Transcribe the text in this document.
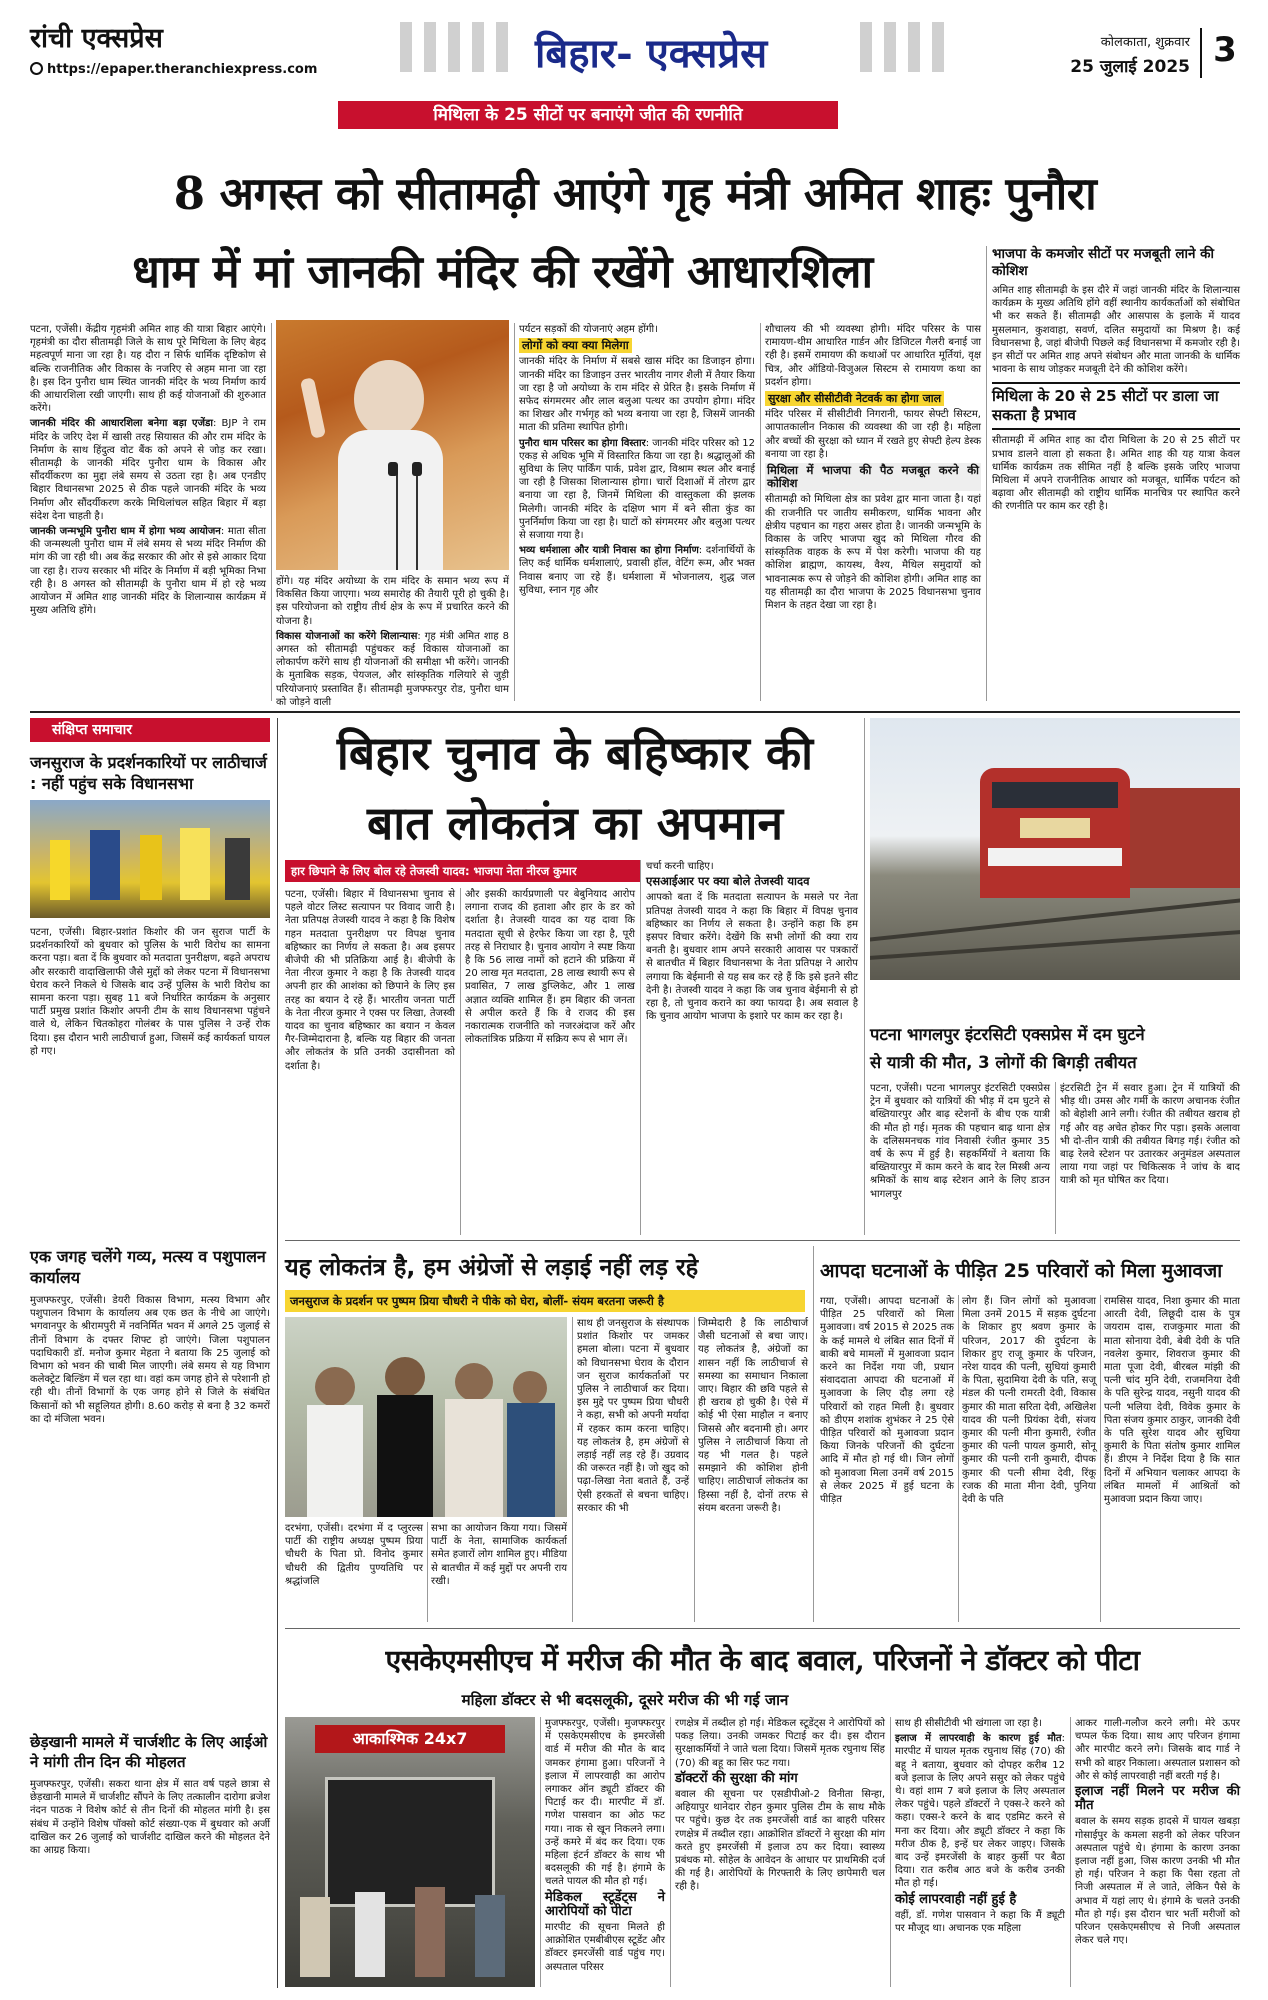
रांची एक्सप्रेस
https://epaper.theranchiexpress.com	बिहार- एक्सप्रेस	कोलकाता, शुक्रवार
25 जुलाई 2025 3
मिथिला के 25 सीटों पर बनाएंगे जीत की रणनीति
8 अगस्त को सीतामढ़ी आएंगे गृह मंत्री अमित शाहः पुनौरा
धाम में मां जानकी मंदिर की रखेंगे आधारशिला

पटना, एजेंसी। केंद्रीय गृहमंत्री अमित शाह की यात्रा बिहार आएंगे। गृहमंत्री का दौरा सीतामढ़ी जिले के साथ पूरे मिथिला के लिए बेहद महत्वपूर्ण माना जा रहा है। यह दौरा न सिर्फ धार्मिक दृष्टिकोण से बल्कि राजनीतिक और विकास के नजरिए से अहम माना जा रहा है। इस दिन पुनौरा धाम स्थित जानकी मंदिर के भव्य निर्माण कार्य की आधारशिला रखी जाएगी। साथ ही कई योजनाओं की शुरुआत करेंगे।

जानकी मंदिर की आधारशिला बनेगा बड़ा एजेंडा: BJP ने राम मंदिर के जरिए देश में खासी तरह सियासत की और राम मंदिर के निर्माण के साथ हिंदुत्व वोट बैंक को अपने से जोड़ कर रखा। सीतामढ़ी के जानकी मंदिर पुनौरा धाम के विकास और सौंदर्यीकरण का मुद्दा लंबे समय से उठता रहा है। अब एनडीए बिहार विधानसभा 2025 से ठीक पहले जानकी मंदिर के भव्य निर्माण और सौंदर्यीकरण करके मिथिलांचल सहित बिहार में बड़ा संदेश देना चाहती है।

जानकी जन्मभूमि पुनौरा धाम में होगा भव्य आयोजन: माता सीता की जन्मस्थली पुनौरा धाम में लंबे समय से भव्य मंदिर निर्माण की मांग की जा रही थी। अब केंद्र सरकार की ओर से इसे आकार दिया जा रहा है। राज्य सरकार भी मंदिर के निर्माण में बड़ी भूमिका निभा रही है। 8 अगस्त को सीतामढ़ी के पुनौरा धाम में हो रहे भव्य आयोजन में अमित शाह जानकी मंदिर के शिलान्यास कार्यक्रम में मुख्य अतिथि होंगे।

होंगे। यह मंदिर अयोध्या के राम मंदिर के समान भव्य रूप में विकसित किया जाएगा। भव्य समारोह की तैयारी पूरी हो चुकी है। इस परियोजना को राष्ट्रीय तीर्थ क्षेत्र के रूप में प्रचारित करने की योजना है।

विकास योजनाओं का करेंगे शिलान्यास: गृह मंत्री अमित शाह 8 अगस्त को सीतामढ़ी पहुंचकर कई विकास योजनाओं का लोकार्पण करेंगे साथ ही योजनाओं की समीक्षा भी करेंगे। जानकी के मुताबिक सड़क, पेयजल, और सांस्कृतिक गलियारे से जुड़ी परियोजनाएं प्रस्तावित हैं। सीतामढ़ी मुजफ्फरपुर रोड, पुनौरा धाम को जोड़ने वाली

पर्यटन सड़कों की योजनाएं अहम होंगी।

लोगों को क्या क्या मिलेगा

जानकी मंदिर के निर्माण में सबसे खास मंदिर का डिजाइन होगा। जानकी मंदिर का डिजाइन उत्तर भारतीय नागर शैली में तैयार किया जा रहा है जो अयोध्या के राम मंदिर से प्रेरित है। इसके निर्माण में सफेद संगमरमर और लाल बलुआ पत्थर का उपयोग होगा। मंदिर का शिखर और गर्भगृह को भव्य बनाया जा रहा है, जिसमें जानकी माता की प्रतिमा स्थापित होगी।

पुनौरा धाम परिसर का होगा विस्तार: जानकी मंदिर परिसर को 12 एकड़ से अधिक भूमि में विस्तारित किया जा रहा है। श्रद्धालुओं की सुविधा के लिए पार्किंग पार्क, प्रवेश द्वार, विश्राम स्थल और बनाई जा रही है जिसका शिलान्यास होगा। चारों दिशाओं में तोरण द्वार बनाया जा रहा है, जिनमें मिथिला की वास्तुकला की झलक मिलेगी। जानकी मंदिर के दक्षिण भाग में बने सीता कुंड का पुनर्निर्माण किया जा रहा है। घाटों को संगमरमर और बलुआ पत्थर से सजाया गया है।

भव्य धर्मशाला और यात्री निवास का होगा निर्माण: दर्शनार्थियों के लिए कई धार्मिक धर्मशालाएं, प्रवासी हॉल, वेटिंग रूम, और भक्त निवास बनाए जा रहे हैं। धर्मशाला में भोजनालय, शुद्ध जल सुविधा, स्नान गृह और

शौचालय की भी व्यवस्था होगी। मंदिर परिसर के पास रामायण-थीम आधारित गार्डन और डिजिटल गैलरी बनाई जा रही है। इसमें रामायण की कथाओं पर आधारित मूर्तियां, वृक्ष चित्र, और ऑडियो-विजुअल सिस्टम से रामायण कथा का प्रदर्शन होगा।

सुरक्षा और सीसीटीवी नेटवर्क का होगा जाल

मंदिर परिसर में सीसीटीवी निगरानी, फायर सेफ्टी सिस्टम, आपातकालीन निकास की व्यवस्था की जा रही है। महिला और बच्चों की सुरक्षा को ध्यान में रखते हुए सेफ्टी हेल्प डेस्क बनाया जा रहा है।

मिथिला में भाजपा की पैठ मजबूत करने की कोशिश

सीतामढ़ी को मिथिला क्षेत्र का प्रवेश द्वार माना जाता है। यहां की राजनीति पर जातीय समीकरण, धार्मिक भावना और क्षेत्रीय पहचान का गहरा असर होता है। जानकी जन्मभूमि के विकास के जरिए भाजपा खुद को मिथिला गौरव की सांस्कृतिक वाहक के रूप में पेश करेगी। भाजपा की यह कोशिश ब्राह्मण, कायस्थ, वैश्य, मैथिल समुदायों को भावनात्मक रूप से जोड़ने की कोशिश होगी। अमित शाह का यह सीतामढ़ी का दौरा भाजपा के 2025 विधानसभा चुनाव मिशन के तहत देखा जा रहा है।

भाजपा के कमजोर सीटों पर मजबूती लाने की कोशिश
अमित शाह सीतामढ़ी के इस दौरे में जहां जानकी मंदिर के शिलान्यास कार्यक्रम के मुख्य अतिथि होंगे वहीं स्थानीय कार्यकर्ताओं को संबोधित भी कर सकते हैं। सीतामढ़ी और आसपास के इलाके में यादव मुसलमान, कुशवाहा, सवर्ण, दलित समुदायों का मिश्रण है। कई विधानसभा है, जहां बीजेपी पिछले कई विधानसभा में कमजोर रही है। इन सीटों पर अमित शाह अपने संबोधन और माता जानकी के धार्मिक भावना के साथ जोड़कर मजबूती देने की कोशिश करेंगे।
मिथिला के 20 से 25 सीटों पर डाला जा सकता है प्रभाव
सीतामढ़ी में अमित शाह का दौरा मिथिला के 20 से 25 सीटों पर प्रभाव डालने वाला हो सकता है। अमित शाह की यह यात्रा केवल धार्मिक कार्यक्रम तक सीमित नहीं है बल्कि इसके जरिए भाजपा मिथिला में अपने राजनीतिक आधार को मजबूत, धार्मिक पर्यटन को बढ़ावा और सीतामढ़ी को राष्ट्रीय धार्मिक मानचित्र पर स्थापित करने की रणनीति पर काम कर रही है।
संक्षिप्त समाचार
जनसुराज के प्रदर्शनकारियों पर लाठीचार्ज : नहीं पहुंच सके विधानसभा
पटना, एजेंसी। बिहार-प्रशांत किशोर की जन सुराज पार्टी के प्रदर्शनकारियों को बुधवार को पुलिस के भारी विरोध का सामना करना पड़ा। बता दें कि बुधवार को मतदाता पुनरीक्षण, बढ़ते अपराध और सरकारी वादाखिलाफी जैसे मुद्दों को लेकर पटना में विधानसभा घेराव करने निकले थे जिसके बाद उन्हें पुलिस के भारी विरोध का सामना करना पड़ा। सुबह 11 बजे निर्धारित कार्यक्रम के अनुसार पार्टी प्रमुख प्रशांत किशोर अपनी टीम के साथ विधानसभा पहुंचने वाले थे, लेकिन चितकोहरा गोलंबर के पास पुलिस ने उन्हें रोक दिया। इस दौरान भारी लाठीचार्ज हुआ, जिसमें कई कार्यकर्ता घायल हो गए।
एक जगह चलेंगे गव्य, मत्स्य व पशुपालन कार्यालय
मुजफ्फरपुर, एजेंसी। डेयरी विकास विभाग, मत्स्य विभाग और पशुपालन विभाग के कार्यालय अब एक छत के नीचे आ जाएंगे। भगवानपुर के श्रीरामपुरी में नवनिर्मित भवन में अगले 25 जुलाई से तीनों विभाग के दफ्तर शिफ्ट हो जाएंगे। जिला पशुपालन पदाधिकारी डॉ. मनोज कुमार मेहता ने बताया कि 25 जुलाई को विभाग को भवन की चाबी मिल जाएगी। लंबे समय से यह विभाग कलेक्ट्रेट बिल्डिंग में चल रहा था। वहां कम जगह होने से परेशानी हो रही थी। तीनों विभागों के एक जगह होने से जिले के संबंधित किसानों को भी सहूलियत होगी। 8.60 करोड़ से बना है 32 कमरों का दो मंजिला भवन।
छेड़खानी मामले में चार्जशीट के लिए आईओ ने मांगी तीन दिन की मोहलत
मुजफ्फरपुर, एजेंसी। सकरा थाना क्षेत्र में सात वर्ष पहले छात्रा से छेड़खानी मामले में चार्जशीट सौंपने के लिए तत्कालीन दारोगा ब्रजेश नंदन पाठक ने विशेष कोर्ट से तीन दिनों की मोहलत मांगी है। इस संबंध में उन्होंने विशेष पॉक्सो कोर्ट संख्या-एक में बुधवार को अर्जी दाखिल कर 26 जुलाई को चार्जशीट दाखिल करने की मोहलत देने का आग्रह किया।
बिहार चुनाव के बहिष्कार की
बात लोकतंत्र का अपमान
हार छिपाने के लिए बोल रहे तेजस्वी यादव: भाजपा नेता नीरज कुमार
पटना, एजेंसी। बिहार में विधानसभा चुनाव से पहले वोटर लिस्ट सत्यापन पर विवाद जारी है। नेता प्रतिपक्ष तेजस्वी यादव ने कहा है कि विशेष गहन मतदाता पुनरीक्षण पर विपक्ष चुनाव बहिष्कार का निर्णय ले सकता है। अब इसपर बीजेपी की भी प्रतिक्रिया आई है। बीजेपी के नेता नीरज कुमार ने कहा है कि तेजस्वी यादव अपनी हार की आशंका को छिपाने के लिए इस तरह का बयान दे रहे हैं। भारतीय जनता पार्टी के नेता नीरज कुमार ने एक्स पर लिखा, तेजस्वी यादव का चुनाव बहिष्कार का बयान न केवल गैर-जिम्मेदाराना है, बल्कि यह बिहार की जनता और लोकतंत्र के प्रति उनकी उदासीनता को दर्शाता है।
और इसकी कार्यप्रणाली पर बेबुनियाद आरोप लगाना राजद की हताशा और हार के डर को दर्शाता है। तेजस्वी यादव का यह दावा कि मतदाता सूची से हेरफेर किया जा रहा है, पूरी तरह से निराधार है। चुनाव आयोग ने स्पष्ट किया है कि 56 लाख नामों को हटाने की प्रक्रिया में 20 लाख मृत मतदाता, 28 लाख स्थायी रूप से प्रवासित, 7 लाख डुप्लिकेट, और 1 लाख अज्ञात व्यक्ति शामिल हैं। हम बिहार की जनता से अपील करते हैं कि वे राजद की इस नकारात्मक राजनीति को नजरअंदाज करें और लोकतांत्रिक प्रक्रिया में सक्रिय रूप से भाग लें।

चर्चा करनी चाहिए।

एसआईआर पर क्या बोले तेजस्वी यादव

आपको बता दें कि मतदाता सत्यापन के मसले पर नेता प्रतिपक्ष तेजस्वी यादव ने कहा कि बिहार में विपक्ष चुनाव बहिष्कार का निर्णय ले सकता है। उन्होंने कहा कि हम इसपर विचार करेंगे। देखेंगे कि सभी लोगों की क्या राय बनती है। बुधवार शाम अपने सरकारी आवास पर पत्रकारों से बातचीत में बिहार विधानसभा के नेता प्रतिपक्ष ने आरोप लगाया कि बेईमानी से यह सब कर रहे हैं कि इसे इतने सीट देनी है। तेजस्वी यादव ने कहा कि जब चुनाव बेईमानी से हो रहा है, तो चुनाव कराने का क्या फायदा है। अब सवाल है कि चुनाव आयोग भाजपा के इशारे पर काम कर रहा है।

पटना भागलपुर इंटरसिटी एक्सप्रेस में दम घुटने
से यात्री की मौत, 3 लोगों की बिगड़ी तबीयत
पटना, एजेंसी। पटना भागलपुर इंटरसिटी एक्सप्रेस ट्रेन में बुधवार को यात्रियों की भीड़ में दम घुटने से बख्तियारपुर और बाढ़ स्टेशनों के बीच एक यात्री की मौत हो गई। मृतक की पहचान बाढ़ थाना क्षेत्र के दलिसमनचक गांव निवासी रंजीत कुमार 35 वर्ष के रूप में हुई है। सहकर्मियों ने बताया कि बख्तियारपुर में काम करने के बाद रेल मिस्त्री अन्य श्रमिकों के साथ बाढ़ स्टेशन आने के लिए डाउन भागलपुर
इंटरसिटी ट्रेन में सवार हुआ। ट्रेन में यात्रियों की भीड़ थी। उमस और गर्मी के कारण अचानक रंजीत को बेहोशी आने लगी। रंजीत की तबीयत खराब हो गई और वह अचेत होकर गिर पड़ा। इसके अलावा भी दो-तीन यात्री की तबीयत बिगड़ गई। रंजीत को बाढ़ रेलवे स्टेशन पर उतारकर अनुमंडल अस्पताल लाया गया जहां पर चिकित्सक ने जांच के बाद यात्री को मृत घोषित कर दिया।
यह लोकतंत्र है, हम अंग्रेजों से लड़ाई नहीं लड़ रहे
जनसुराज के प्रदर्शन पर पुष्पम प्रिया चौधरी ने पीके को घेरा, बोलीं- संयम बरतना जरूरी है
दरभंगा, एजेंसी। दरभंगा में द प्लुरल्स पार्टी की राष्ट्रीय अध्यक्ष पुष्पम प्रिया चौधरी के पिता प्रो. विनोद कुमार चौधरी की द्वितीय पुण्यतिथि पर श्रद्धांजलि
सभा का आयोजन किया गया। जिसमें पार्टी के नेता, सामाजिक कार्यकर्ता समेत हजारों लोग शामिल हुए। मीडिया से बातचीत में कई मुद्दों पर अपनी राय रखी।
साथ ही जनसुराज के संस्थापक प्रशांत किशोर पर जमकर हमला बोला। पटना में बुधवार को विधानसभा घेराव के दौरान जन सुराज कार्यकर्ताओं पर पुलिस ने लाठीचार्ज कर दिया। इस मुद्दे पर पुष्पम प्रिया चौधरी ने कहा, सभी को अपनी मर्यादा में रहकर काम करना चाहिए। यह लोकतंत्र है, हम अंग्रेजों से लड़ाई नहीं लड़ रहे हैं। उग्रवाद की जरूरत नहीं है। जो खुद को पढ़ा-लिखा नेता बताते हैं, उन्हें ऐसी हरकतों से बचना चाहिए। सरकार की भी
जिम्मेदारी है कि लाठीचार्ज जैसी घटनाओं से बचा जाए। यह लोकतंत्र है, अंग्रेजों का शासन नहीं कि लाठीचार्ज से समस्या का समाधान निकाला जाए। बिहार की छवि पहले से ही खराब हो चुकी है। ऐसे में कोई भी ऐसा माहौल न बनाए जिससे और बदनामी हो। अगर पुलिस ने लाठीचार्ज किया तो यह भी गलत है। पहले समझाने की कोशिश होनी चाहिए। लाठीचार्ज लोकतंत्र का हिस्सा नहीं है, दोनों तरफ से संयम बरतना जरूरी है।
आपदा घटनाओं के पीड़ित 25 परिवारों को मिला मुआवजा
गया, एजेंसी। आपदा घटनाओं के पीड़ित 25 परिवारों को मिला मुआवजा। वर्ष 2015 से 2025 तक के कई मामले थे लंबित सात दिनों में बाकी बचे मामलों में मुआवजा प्रदान करने का निर्देश गया जी, प्रधान संवाददाता आपदा की घटनाओं में मुआवजा के लिए दौड़ लगा रहे परिवारों को राहत मिली है। बुधवार को डीएम शशांक शुभंकर ने 25 ऐसे पीड़ित परिवारों को मुआवजा प्रदान किया जिनके परिजनों की दुर्घटना आदि में मौत हो गई थी। जिन लोगों को मुआवजा मिला उनमें वर्ष 2015 से लेकर 2025 में हुई घटना के पीड़ित
लोग हैं। जिन लोगों को मुआवजा मिला उनमें 2015 में सड़क दुर्घटना के शिकार हुए श्रवण कुमार के परिजन, 2017 की दुर्घटना के शिकार हुए राजू कुमार के परिजन, नरेश यादव की पत्नी, सुधियां कुमारी के पिता, सुदामिया देवी के पति, सजू मंडल की पत्नी रामरती देवी, विकास कुमार की माता सरिता देवी, अखिलेश यादव की पत्नी प्रियंका देवी, संजय कुमार की पत्नी मीना कुमारी, रंजीत कुमार की पत्नी पायल कुमारी, सोनू कुमार की पत्नी रानी कुमारी, दीपक कुमार की पत्नी सीमा देवी, रिंकू रजक की माता मीना देवी, पुनिया देवी के पति
रामसिस यादव, निशा कुमार की माता आरती देवी, लिछूदी दास के पुत्र जयराम दास, राजकुमार माता की माता सोनाया देवी, बेबी देवी के पति नवलेश कुमार, शिवराज कुमार की माता पूजा देवी, बीरबल मांझी की पत्नी चांद मुनि देवी, राजमनिया देवी के पति सुरेन्द्र यादव, नसुनी यादव की पत्नी भलिया देवी, विवेक कुमार के पिता संजय कुमार ठाकुर, जानकी देवी के पति सुरेश यादव और सुधिया कुमारी के पिता संतोष कुमार शामिल हैं। डीएम ने निर्देश दिया है कि सात दिनों में अभियान चलाकर आपदा के लंबित मामलों में आश्रितों को मुआवजा प्रदान किया जाए।
एसकेएमसीएच में मरीज की मौत के बाद बवाल, परिजनों ने डॉक्टर को पीटा
महिला डॉक्टर से भी बदसलूकी, दूसरे मरीज की भी गई जान
आकाश्मिक 24x7

मुजफ्फरपुर, एजेंसी। मुजफ्फरपुर में एसकेएमसीएच के इमरजेंसी वार्ड में मरीज की मौत के बाद जमकर हंगामा हुआ। परिजनों ने इलाज में लापरवाही का आरोप लगाकर ऑन ड्यूटी डॉक्टर की पिटाई कर दी। मारपीट में डॉ. गणेश पासवान का ओठ फट गया। नाक से खून निकलने लगा। उन्हें कमरे में बंद कर दिया। एक महिला इंटर्न डॉक्टर के साथ भी बदसलूकी की गई है। हंगामे के चलते पायल की मौत हो गई।

मेडिकल स्टूडेंट्स ने आरोपियों को पीटा

मारपीट की सूचना मिलते ही आक्रोशित एमबीबीएस स्टूडेंट और डॉक्टर इमरजेंसी वार्ड पहुंच गए। अस्पताल परिसर

रणक्षेत्र में तब्दील हो गई। मेडिकल स्टूडेंट्स ने आरोपियों को पकड़ लिया। उनकी जमकर पिटाई कर दी। इस दौरान सुरक्षाकर्मियों ने जाते चला दिया। जिसमें मृतक रघुनाथ सिंह (70) की बहू का सिर फट गया।

डॉक्टरों की सुरक्षा की मांग

बवाल की सूचना पर एसडीपीओ-2 विनीता सिन्हा, अहियापुर थानेदार रोहन कुमार पुलिस टीम के साथ मौके पर पहुंचे। कुछ देर तक इमरजेंसी वार्ड का बाहरी परिसर रणक्षेत्र में तब्दील रहा। आक्रोशित डॉक्टरों ने सुरक्षा की मांग करते हुए इमरजेंसी में इलाज ठप कर दिया। स्वास्थ्य प्रबंधक मो. सोहेल के आवेदन के आधार पर प्राथमिकी दर्ज की गई है। आरोपियों के गिरफ्तारी के लिए छापेमारी चल रही है।

साथ ही सीसीटीवी भी खंगाला जा रहा है।

इलाज में लापरवाही के कारण हुई मौत: मारपीट में घायल मृतक रघुनाथ सिंह (70) की बहू ने बताया, बुधवार को दोपहर करीब 12 बजे इलाज के लिए अपने ससुर को लेकर पहुंचे थे। वहां शाम 7 बजे इलाज के लिए अस्पताल लेकर पहुंचे। पहले डॉक्टरों ने एक्स-रे करने को कहा। एक्स-रे करने के बाद एडमिट करने से मना कर दिया। और ड्यूटी डॉक्टर ने कहा कि मरीज ठीक है, इन्हें घर लेकर जाइए। जिसके बाद उन्हें इमरजेंसी के बाहर कुर्सी पर बैठा दिया। रात करीब आठ बजे के करीब उनकी मौत हो गई।

कोई लापरवाही नहीं हुई है

वहीं, डॉ. गणेश पासवान ने कहा कि मैं ड्यूटी पर मौजूद था। अचानक एक महिला

आकर गाली-गलौज करने लगी। मेरे ऊपर चप्पल फेंक दिया। साथ आए परिजन हंगामा और मारपीट करने लगे। जिसके बाद गार्ड ने सभी को बाहर निकाला। अस्पताल प्रशासन को और से कोई लापरवाही नहीं बरती गई है।

इलाज नहीं मिलने पर मरीज की मौत

बवाल के समय सड़क हादसे में घायल खबड़ा गोसाईपुर के कमला सहनी को लेकर परिजन अस्पताल पहुंचे थे। हंगामा के कारण उनका इलाज नहीं हुआ, जिस कारण उनकी भी मौत हो गई। परिजन ने कहा कि पैसा रहता तो निजी अस्पताल में ले जाते, लेकिन पैसे के अभाव में यहां लाए थे। हंगामे के चलते उनकी मौत हो गई। इस दौरान चार भर्ती मरीजों को परिजन एसकेएमसीएच से निजी अस्पताल लेकर चले गए।
